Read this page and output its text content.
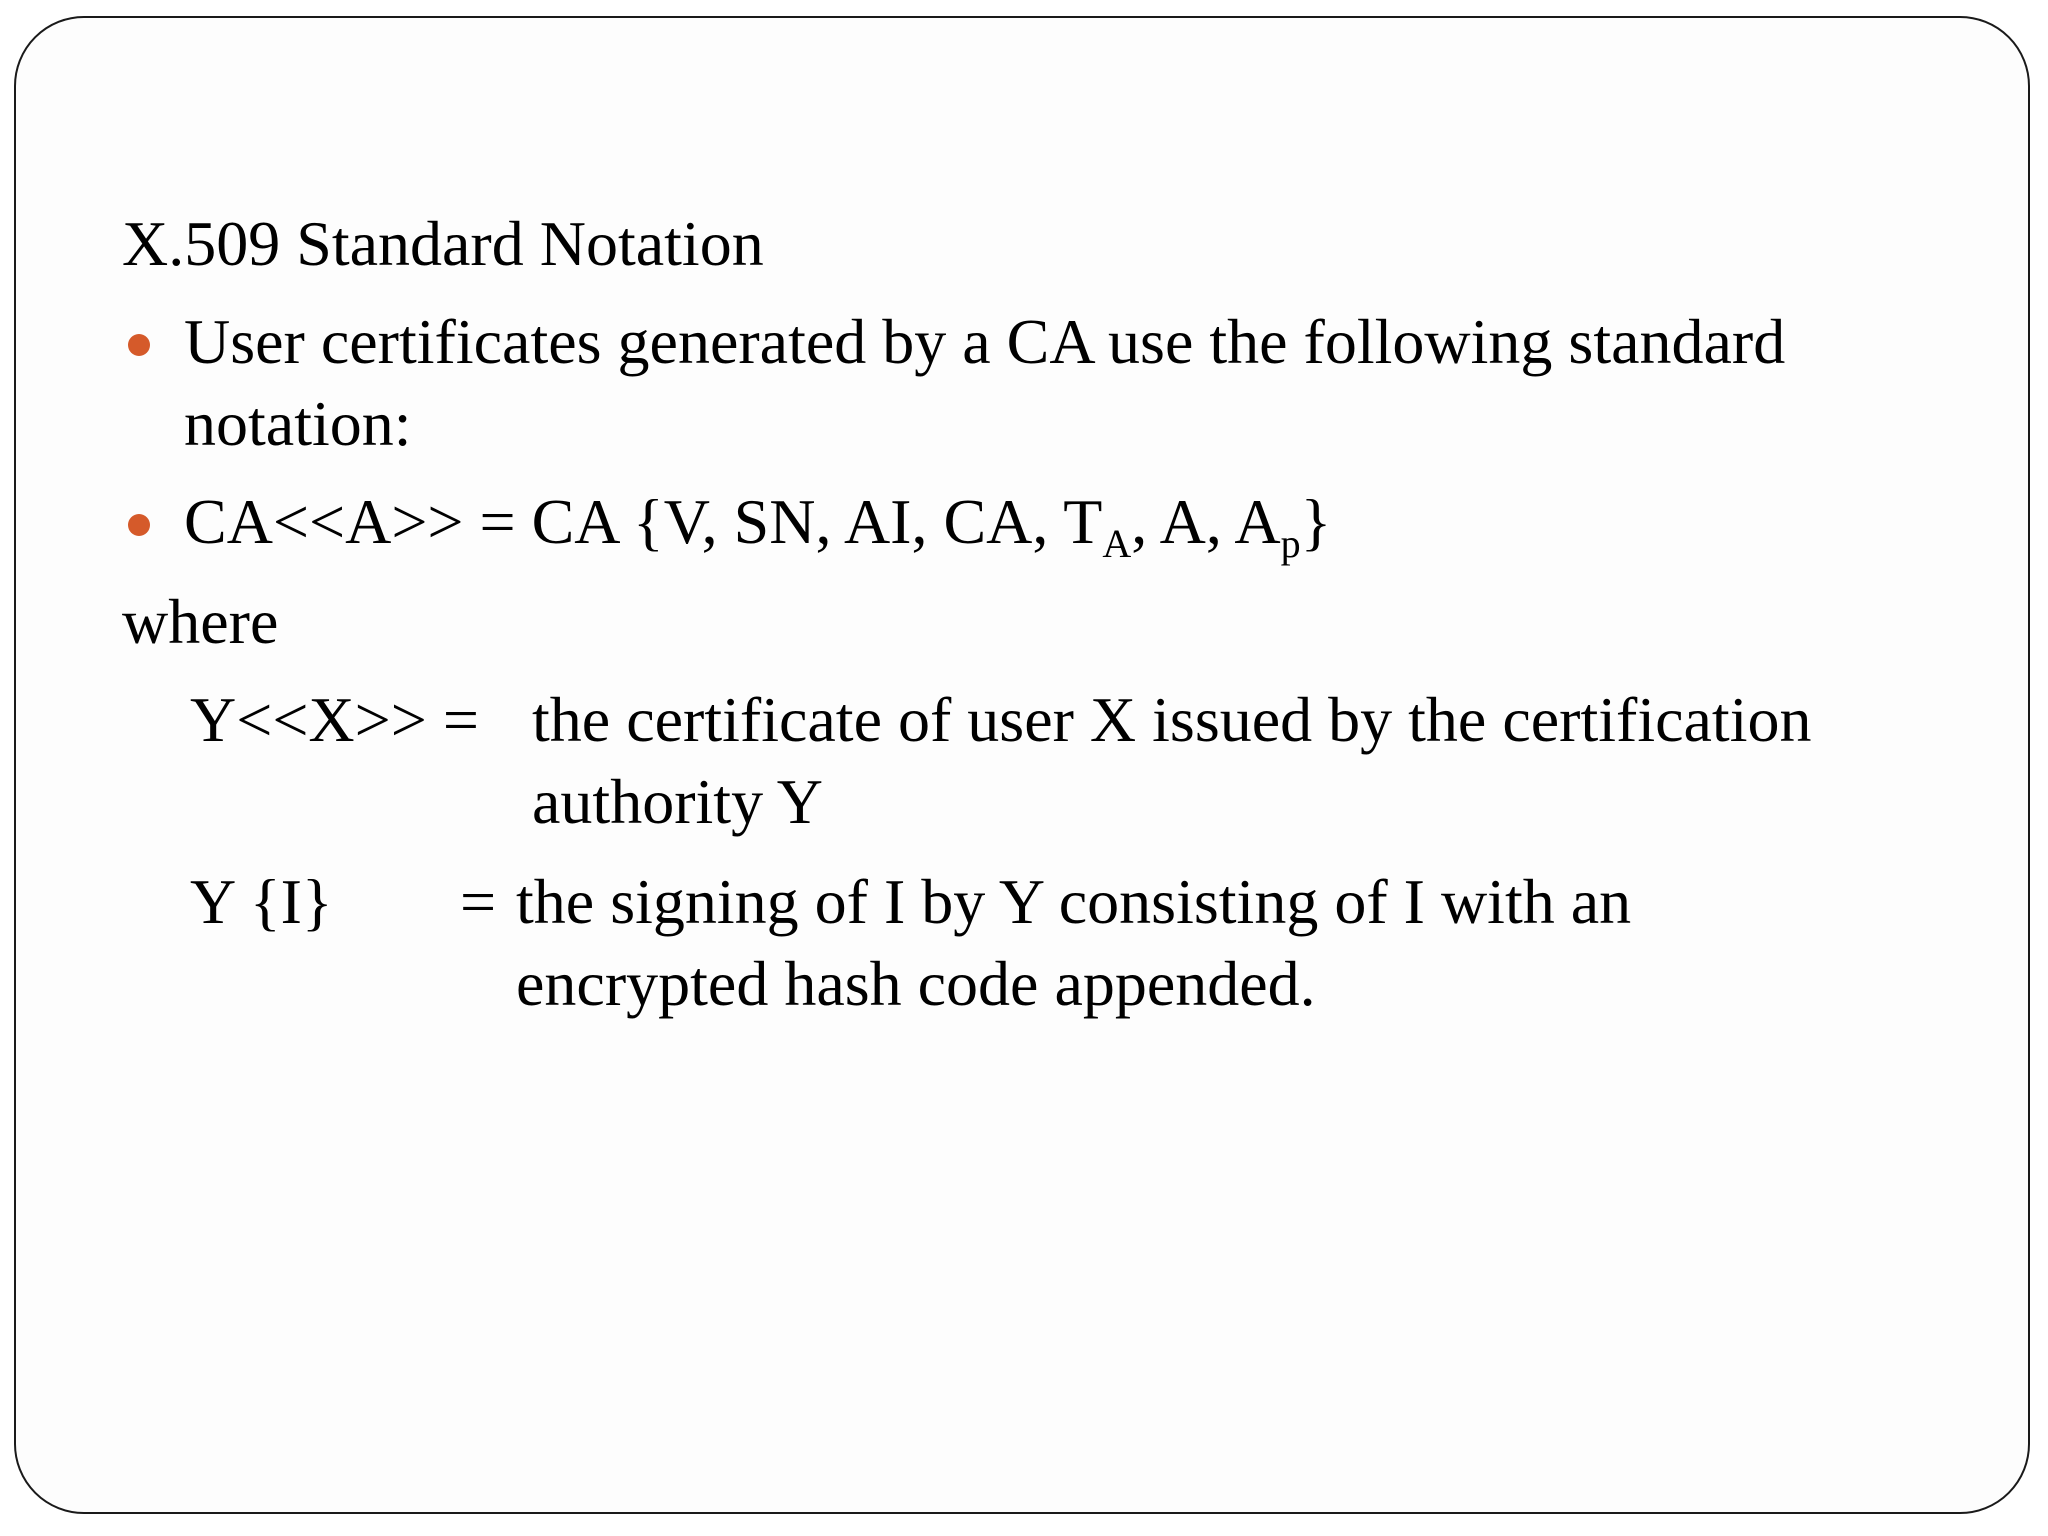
X.509 Standard Notation
User certificates generated by a CA use the following standard
notation:
CA<<A>> = CA {V, SN, AI, CA, $T_A$, A, $A_p$}
where
Y<<X>> = the certificate of user X issued by the certification
authority Y
Y {I} = the signing of I by Y consisting of I with an
encrypted hash code appended.
